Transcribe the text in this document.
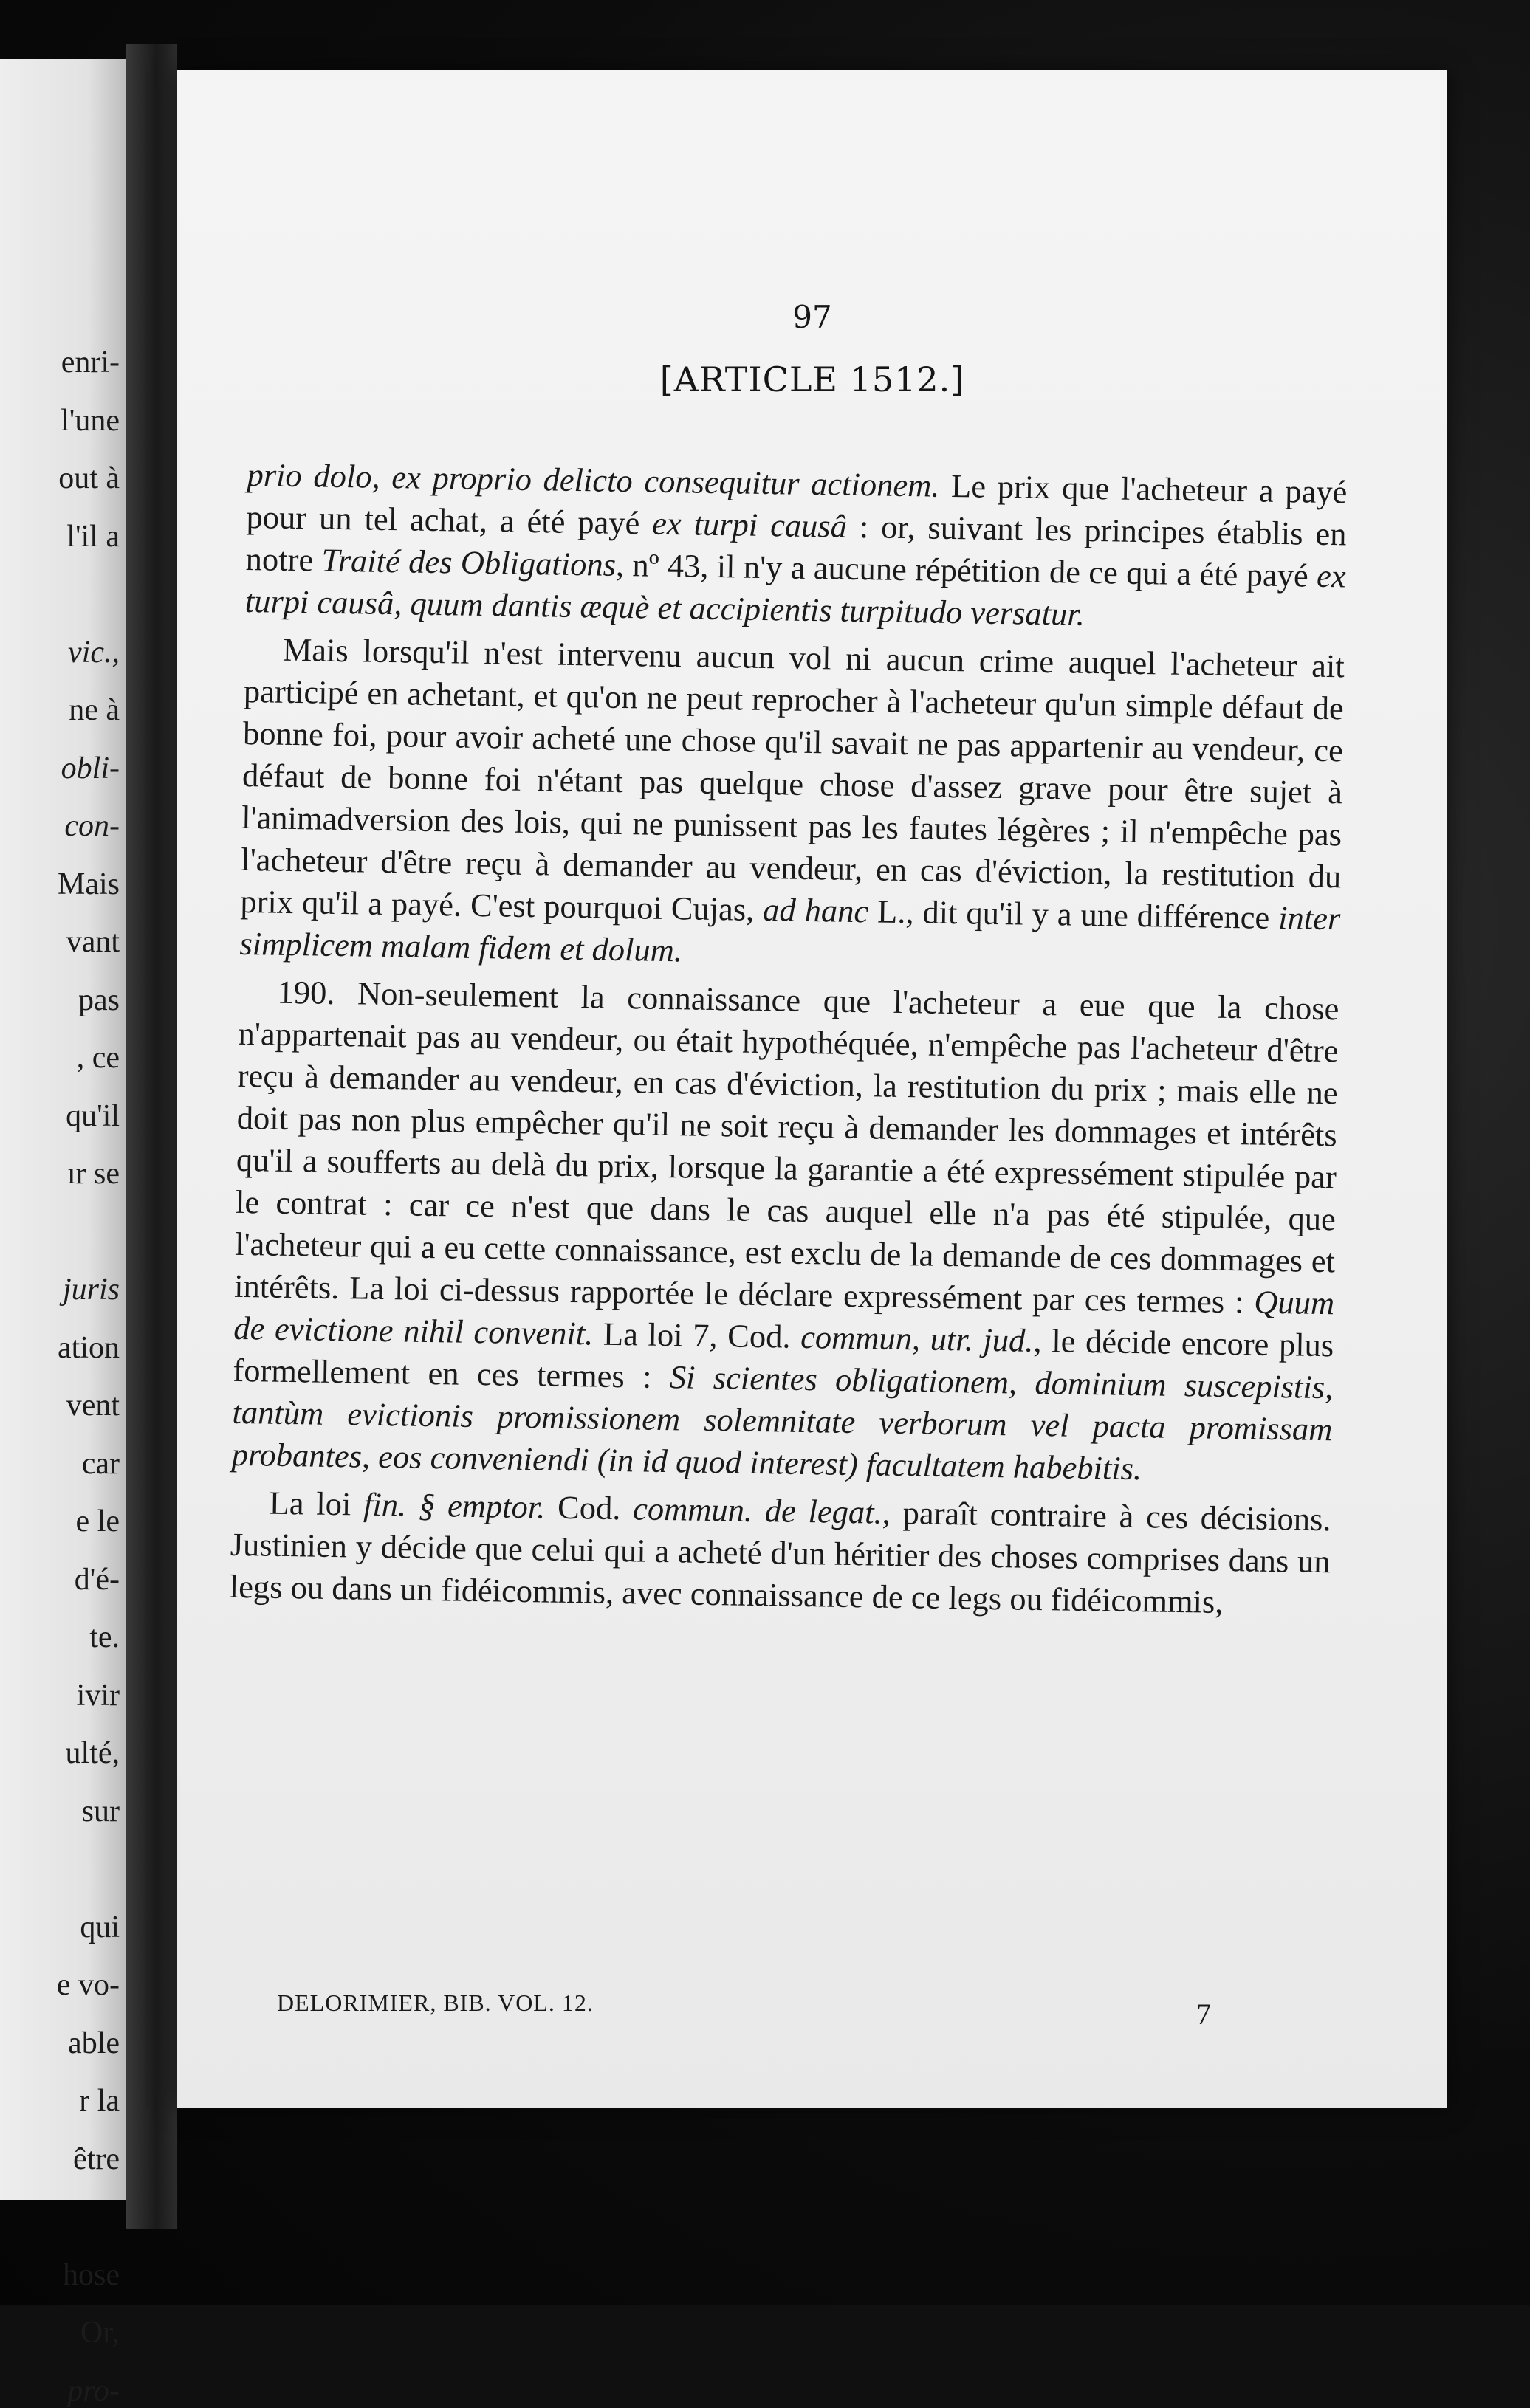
enri-

l'une

out à

l'il a

vic.,

ne à

obli-

con-

Mais

vant

pas

, ce

qu'il

ır se

juris

ation

vent

car

e le

d'é-

te.

ivir

ulté,

sur

qui

e vo-

able

r la

être

hose

Or,

pro-

97

[ARTICLE 1512.]

prio dolo, ex proprio delicto consequitur actionem. Le prix que l'acheteur a payé pour un tel achat, a été payé ex turpi causâ : or, suivant les principes établis en notre Traité des Obligations, nº 43, il n'y a aucune répétition de ce qui a été payé ex turpi causâ, quum dantis æquè et accipientis turpitudo versatur.

Mais lorsqu'il n'est intervenu aucun vol ni aucun crime auquel l'acheteur ait participé en achetant, et qu'on ne peut reprocher à l'acheteur qu'un simple défaut de bonne foi, pour avoir acheté une chose qu'il savait ne pas appartenir au vendeur, ce défaut de bonne foi n'étant pas quelque chose d'assez grave pour être sujet à l'animadversion des lois, qui ne punissent pas les fautes légères ; il n'empêche pas l'acheteur d'être reçu à demander au vendeur, en cas d'éviction, la restitution du prix qu'il a payé. C'est pourquoi Cujas, ad hanc L., dit qu'il y a une différence inter simplicem malam fidem et dolum.

190. Non-seulement la connaissance que l'acheteur a eue que la chose n'appartenait pas au vendeur, ou était hypothéquée, n'empêche pas l'acheteur d'être reçu à demander au vendeur, en cas d'éviction, la restitution du prix ; mais elle ne doit pas non plus empêcher qu'il ne soit reçu à demander les dommages et intérêts qu'il a soufferts au delà du prix, lorsque la garantie a été expressément stipulée par le contrat : car ce n'est que dans le cas auquel elle n'a pas été stipulée, que l'acheteur qui a eu cette connaissance, est exclu de la demande de ces dommages et intérêts. La loi ci-dessus rapportée le déclare expressément par ces termes : Quum de evictione nihil convenit. La loi 7, Cod. commun, utr. jud., le décide encore plus formellement en ces termes : Si scientes obligationem, dominium suscepistis, tantùm evictionis promissionem solemnitate verborum vel pacta promissam probantes, eos conveniendi (in id quod interest) facultatem habebitis.

La loi fin. § emptor. Cod. commun. de legat., paraît contraire à ces décisions. Justinien y décide que celui qui a acheté d'un héritier des choses comprises dans un legs ou dans un fidéicommis, avec connaissance de ce legs ou fidéicommis,

DELORIMIER, BIB. VOL. 12.	7
